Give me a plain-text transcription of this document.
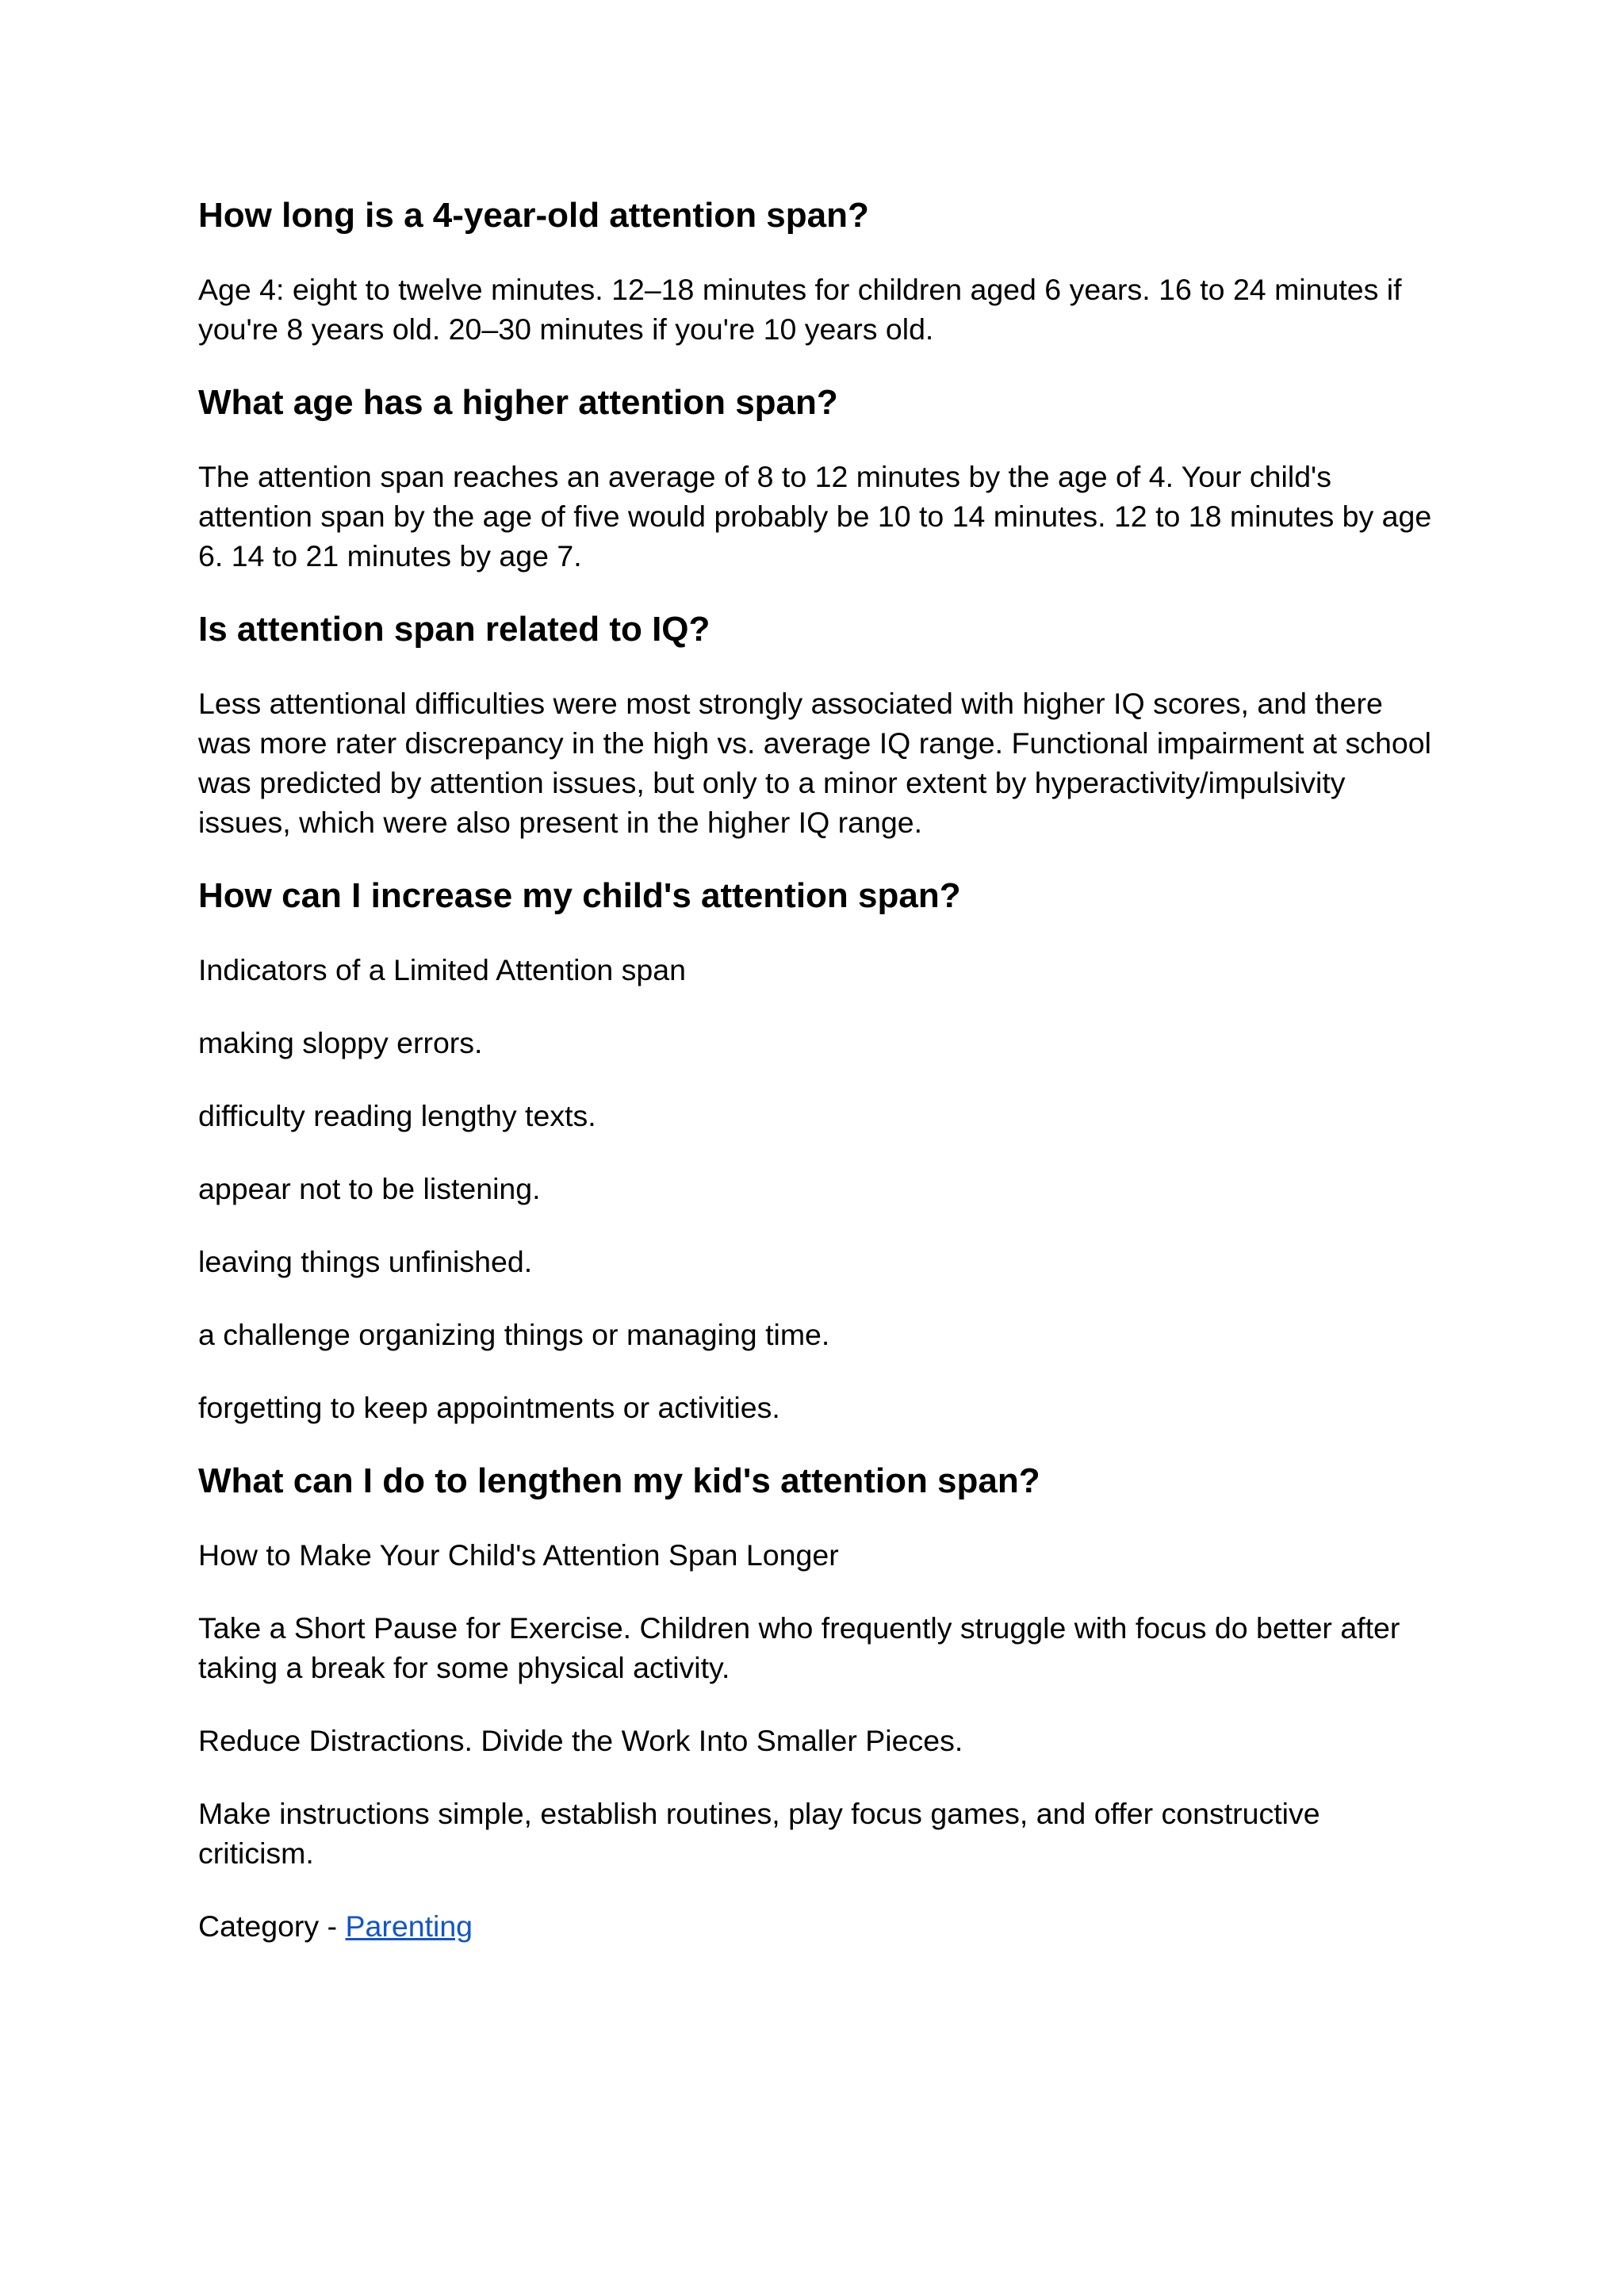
How long is a 4-year-old attention span?

Age 4: eight to twelve minutes. 12–18 minutes for children aged 6 years. 16 to 24 minutes if you're 8 years old. 20–30 minutes if you're 10 years old.

What age has a higher attention span?

The attention span reaches an average of 8 to 12 minutes by the age of 4. Your child's attention span by the age of five would probably be 10 to 14 minutes. 12 to 18 minutes by age 6. 14 to 21 minutes by age 7.

Is attention span related to IQ?

Less attentional difficulties were most strongly associated with higher IQ scores, and there was more rater discrepancy in the high vs. average IQ range. Functional impairment at school was predicted by attention issues, but only to a minor extent by hyperactivity/impulsivity issues, which were also present in the higher IQ range.

How can I increase my child's attention span?

Indicators of a Limited Attention span

making sloppy errors.

difficulty reading lengthy texts.

appear not to be listening.

leaving things unfinished.

a challenge organizing things or managing time.

forgetting to keep appointments or activities.

What can I do to lengthen my kid's attention span?

How to Make Your Child's Attention Span Longer

Take a Short Pause for Exercise. Children who frequently struggle with focus do better after taking a break for some physical activity.

Reduce Distractions. Divide the Work Into Smaller Pieces.

Make instructions simple, establish routines, play focus games, and offer constructive criticism.

Category - Parenting
